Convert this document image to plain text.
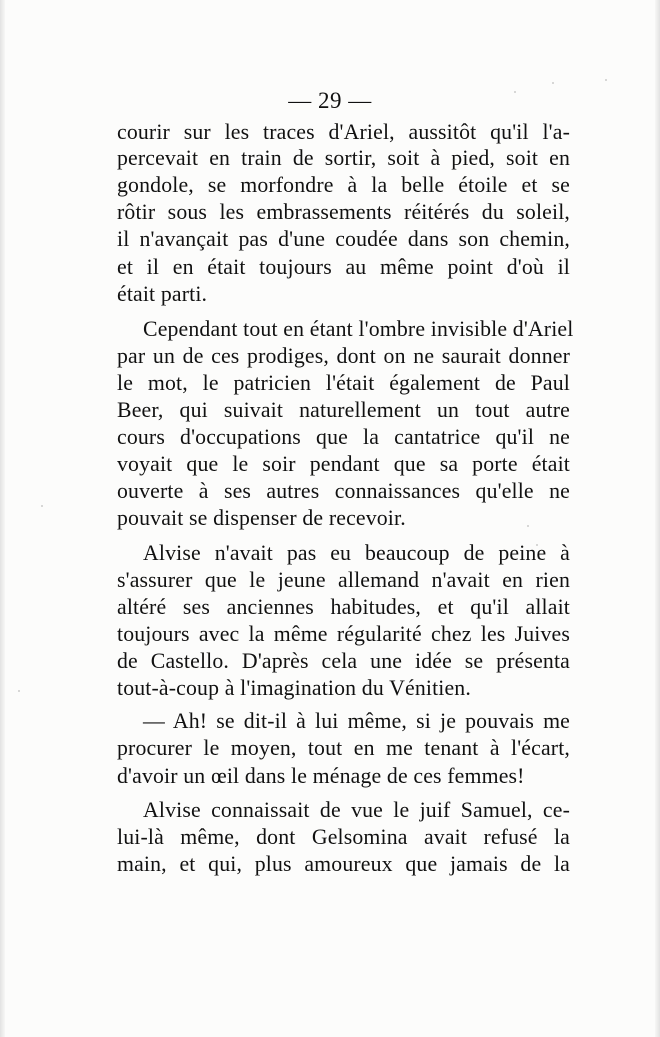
— 29 —
courir sur les traces d'Ariel, aussitôt qu'il l'a-
percevait en train de sortir, soit à pied, soit en
gondole, se morfondre à la belle étoile et se
rôtir sous les embrassements réitérés du soleil,
il n'avançait pas d'une coudée dans son chemin,
et il en était toujours au même point d'où il
était parti.
Cependant tout en étant l'ombre invisible d'Ariel
par un de ces prodiges, dont on ne saurait donner
le mot, le patricien l'était également de Paul
Beer, qui suivait naturellement un tout autre
cours d'occupations que la cantatrice qu'il ne
voyait que le soir pendant que sa porte était
ouverte à ses autres connaissances qu'elle ne
pouvait se dispenser de recevoir.
Alvise n'avait pas eu beaucoup de peine à
s'assurer que le jeune allemand n'avait en rien
altéré ses anciennes habitudes, et qu'il allait
toujours avec la même régularité chez les Juives
de Castello. D'après cela une idée se présenta
tout-à-coup à l'imagination du Vénitien.
— Ah! se dit-il à lui même, si je pouvais me
procurer le moyen, tout en me tenant à l'écart,
d'avoir un œil dans le ménage de ces femmes!
Alvise connaissait de vue le juif Samuel, ce-
lui-là même, dont Gelsomina avait refusé la
main, et qui, plus amoureux que jamais de la
